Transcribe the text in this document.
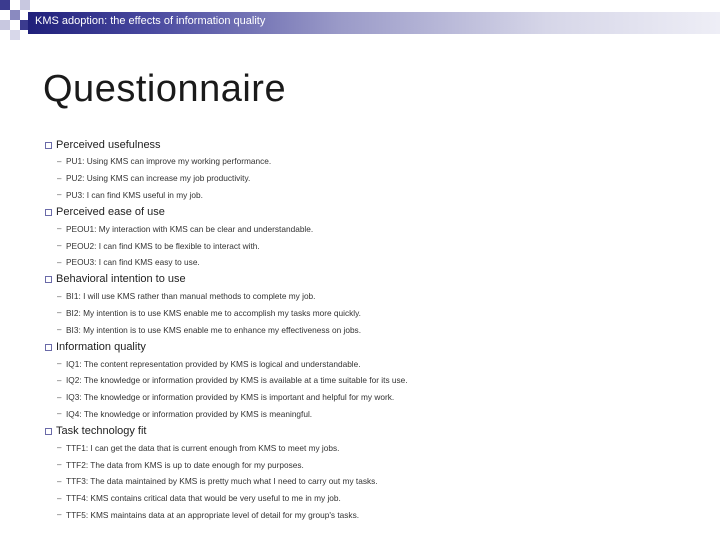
KMS adoption: the effects of information quality
Questionnaire
Perceived usefulness
– PU1: Using KMS can improve my working performance.
– PU2: Using KMS can increase my job productivity.
– PU3: I can find KMS useful in my job.
Perceived ease of use
– PEOU1: My interaction with KMS can be clear and understandable.
– PEOU2: I can find KMS to be flexible to interact with.
– PEOU3: I can find KMS easy to use.
Behavioral intention to use
– BI1: I will use KMS rather than manual methods to complete my job.
– BI2: My intention is to use KMS enable me to accomplish my tasks more quickly.
– BI3: My intention is to use KMS enable me to enhance my effectiveness on jobs.
Information quality
– IQ1: The content representation provided by KMS is logical and understandable.
– IQ2: The knowledge or information provided by KMS is available at a time suitable for its use.
– IQ3: The knowledge or information provided by KMS is important and helpful for my work.
– IQ4: The knowledge or information provided by KMS is meaningful.
Task technology fit
– TTF1: I can get the data that is current enough from KMS to meet my jobs.
– TTF2: The data from KMS is up to date enough for my purposes.
– TTF3: The data maintained by KMS is pretty much what I need to carry out my tasks.
– TTF4: KMS contains critical data that would be very useful to me in my job.
– TTF5: KMS maintains data at an appropriate level of detail for my group's tasks.
